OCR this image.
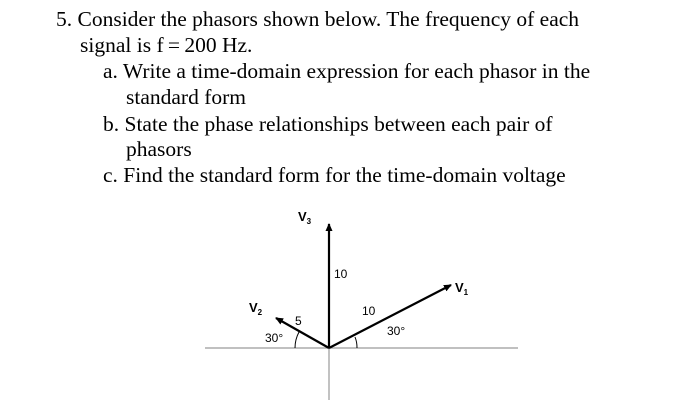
5. Consider the phasors shown below. The frequency of each
signal is f = 200 Hz.
a. Write a time-domain expression for each phasor in the
standard form
b. State the phase relationships between each pair of
phasors
c. Find the standard form for the time-domain voltage
$V_3$
$V_1$
$V_2$
10
10
5
30°
30°
